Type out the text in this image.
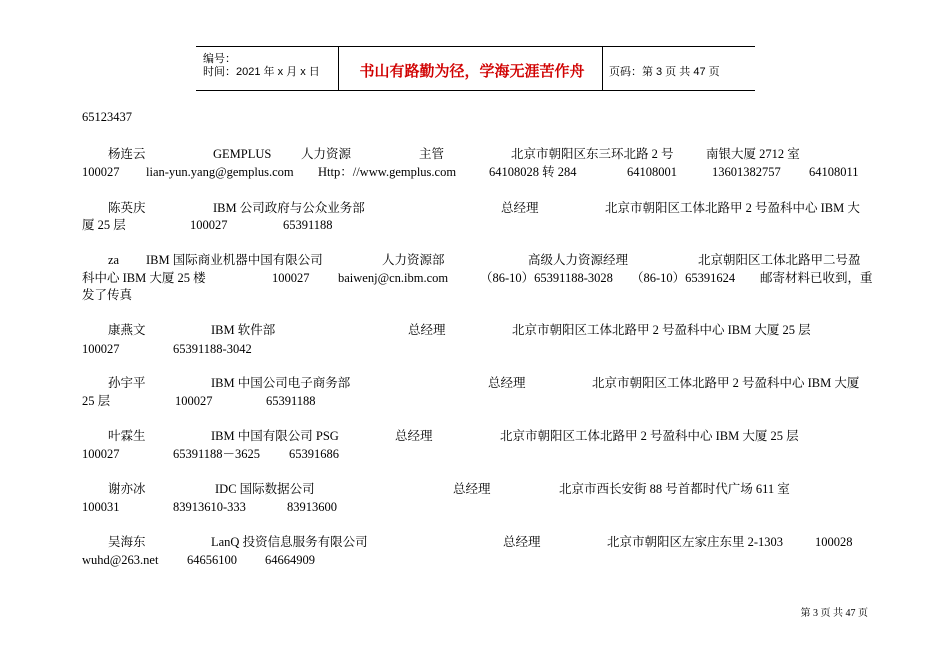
编号：
时间：2021 年 x 月 x 日	书山有路勤为径，学海无涯苦作舟	页码：第 3 页 共 47 页
65123437
杨连云	GEMPLUS 人力资源	主管	北京市朝阳区东三环北路 2 号	南银大厦 2712 室
100027 lian-yun.yang@gemplus.com Http：//www.gemplus.com	64108028 转 284	64108001	13601382757 64108011
陈英庆	IBM 公司政府与公众业务部	总经理	北京市朝阳区工体北路甲 2 号盈科中心 IBM 大
厦 25 层	100027	65391188
za IBM 国际商业机器中国有限公司	人力资源部	高级人力资源经理	北京朝阳区工体北路甲二号盈
科中心 IBM 大厦 25 楼	100027 baiwenj@cn.ibm.com	（86-10）65391188-3028 （86-10）65391624 邮寄材料已收到，重
发了传真
康燕文	IBM 软件部	总经理	北京市朝阳区工体北路甲 2 号盈科中心 IBM 大厦 25 层
100027	65391188-3042
孙宇平	IBM 中国公司电子商务部	总经理	北京市朝阳区工体北路甲 2 号盈科中心 IBM 大厦
25 层	100027	65391188
叶霖生	IBM 中国有限公司 PSG	总经理	北京市朝阳区工体北路甲 2 号盈科中心 IBM 大厦 25 层
100027	65391188－3625 65391686
谢亦冰	IDC 国际数据公司	总经理	北京市西长安街 88 号首都时代广场 611 室
100031	83913610-333	83913600
吴海东	LanQ 投资信息服务有限公司	总经理	北京市朝阳区左家庄东里 2-1303	100028
wuhd@263.net 64656100 64664909
第 3 页 共 47 页
